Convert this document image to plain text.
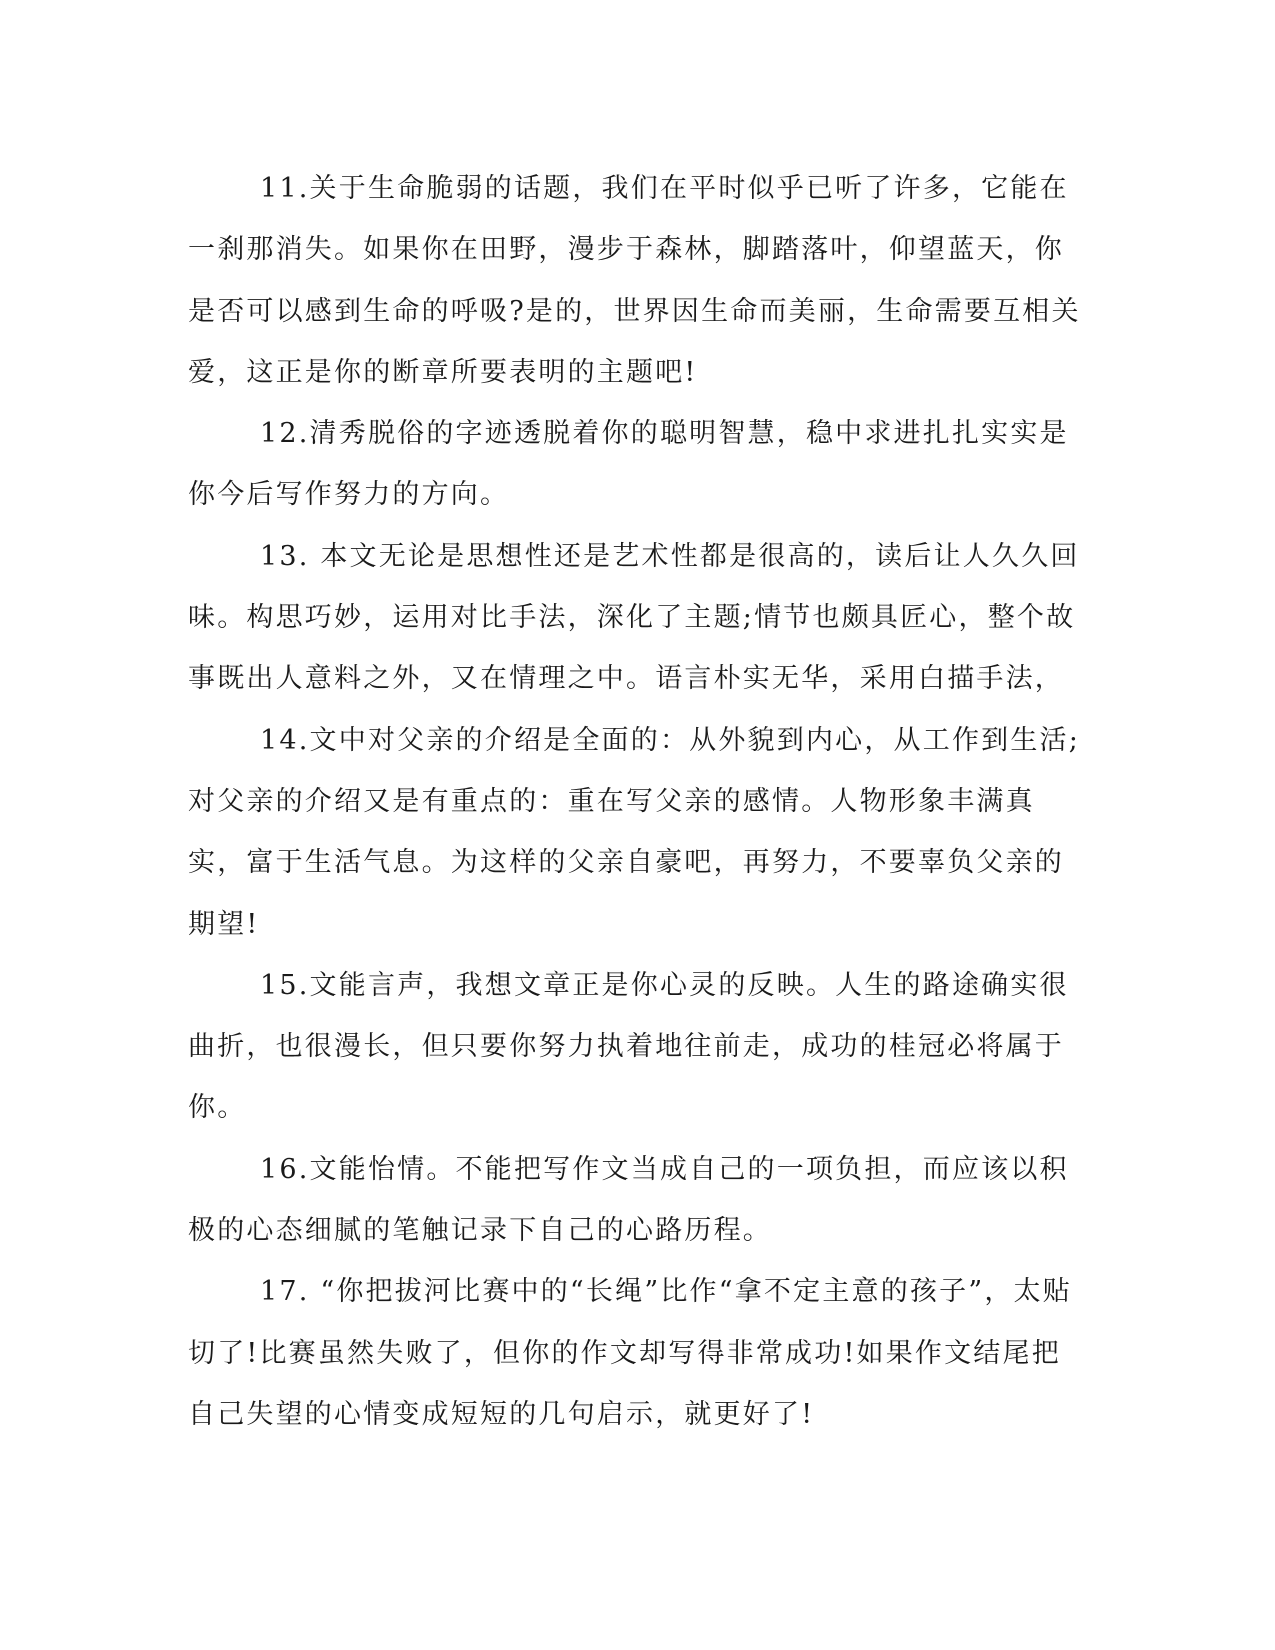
11.关于生命脆弱的话题，我们在平时似乎已听了许多，它能在一刹那消失。如果你在田野，漫步于森林，脚踏落叶，仰望蓝天，你是否可以感到生命的呼吸?是的，世界因生命而美丽，生命需要互相关爱，这正是你的断章所要表明的主题吧!

12.清秀脱俗的字迹透脱着你的聪明智慧，稳中求进扎扎实实是你今后写作努力的方向。

13. 本文无论是思想性还是艺术性都是很高的，读后让人久久回味。构思巧妙，运用对比手法，深化了主题;情节也颇具匠心，整个故事既出人意料之外，又在情理之中。语言朴实无华，采用白描手法，

14.文中对父亲的介绍是全面的：从外貌到内心，从工作到生活;对父亲的介绍又是有重点的：重在写父亲的感情。人物形象丰满真实，富于生活气息。为这样的父亲自豪吧，再努力，不要辜负父亲的期望!

15.文能言声，我想文章正是你心灵的反映。人生的路途确实很曲折，也很漫长，但只要你努力执着地往前走，成功的桂冠必将属于你。

16.文能怡情。不能把写作文当成自己的一项负担，而应该以积极的心态细腻的笔触记录下自己的心路历程。

17. “你把拔河比赛中的“长绳”比作“拿不定主意的孩子”，太贴切了!比赛虽然失败了，但你的作文却写得非常成功!如果作文结尾把自己失望的心情变成短短的几句启示，就更好了!
